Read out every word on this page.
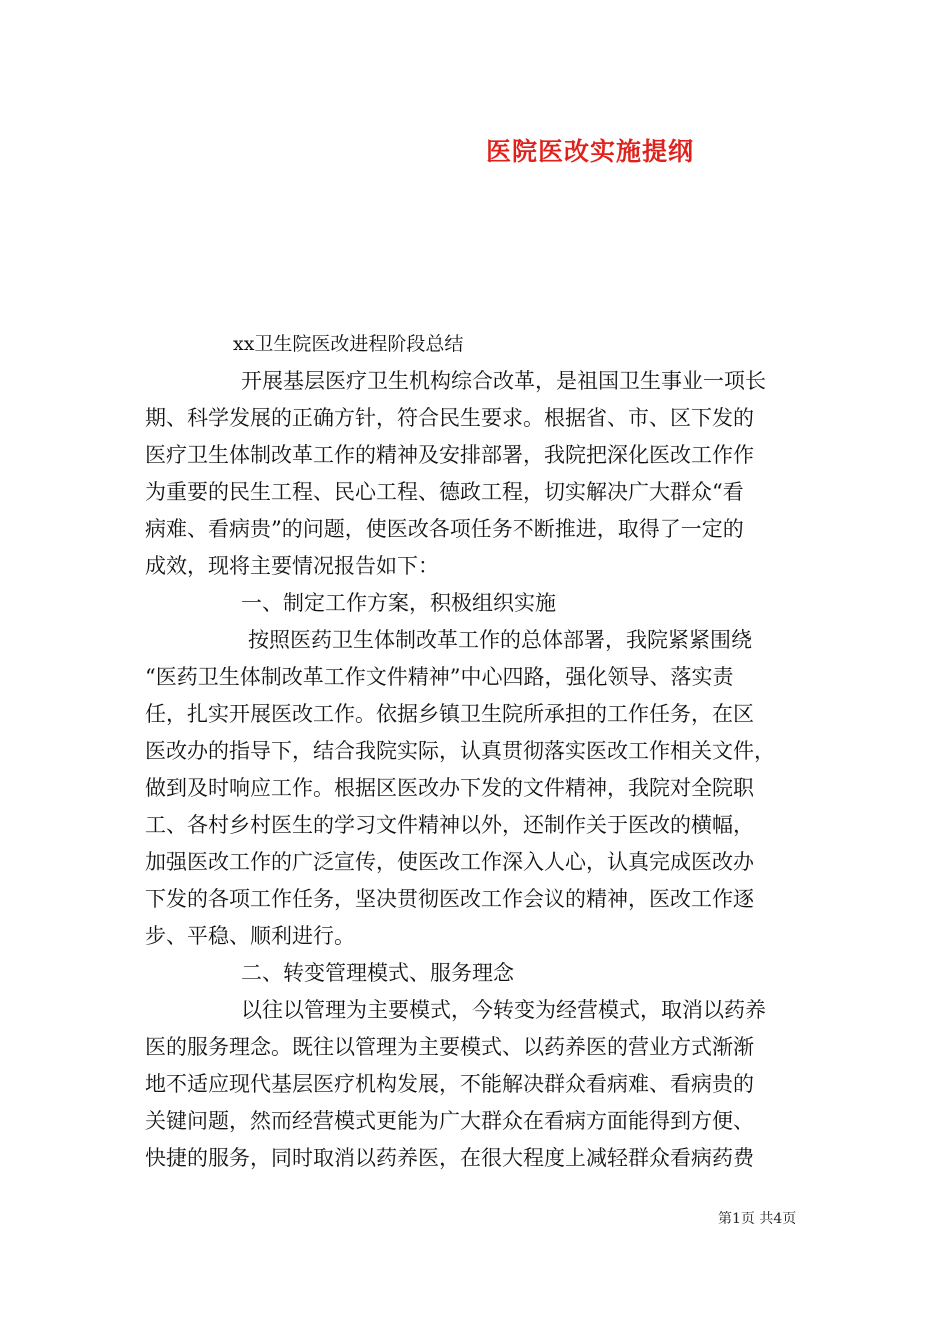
医院医改实施提纲
xx卫生院医改进程阶段总结
开展基层医疗卫生机构综合改革，是祖国卫生事业一项长
期、科学发展的正确方针，符合民生要求。根据省、市、区下发的
医疗卫生体制改革工作的精神及安排部署，我院把深化医改工作作
为重要的民生工程、民心工程、德政工程，切实解决广大群众“看
病难、看病贵”的问题，使医改各项任务不断推进，取得了一定的
成效，现将主要情况报告如下：
一、制定工作方案，积极组织实施
按照医药卫生体制改革工作的总体部署，我院紧紧围绕
“医药卫生体制改革工作文件精神”中心四路，强化领导、落实责
任，扎实开展医改工作。依据乡镇卫生院所承担的工作任务，在区
医改办的指导下，结合我院实际，认真贯彻落实医改工作相关文件，
做到及时响应工作。根据区医改办下发的文件精神，我院对全院职
工、各村乡村医生的学习文件精神以外，还制作关于医改的横幅，
加强医改工作的广泛宣传，使医改工作深入人心，认真完成医改办
下发的各项工作任务，坚决贯彻医改工作会议的精神，医改工作逐
步、平稳、顺利进行。
二、转变管理模式、服务理念
以往以管理为主要模式，今转变为经营模式，取消以药养
医的服务理念。既往以管理为主要模式、以药养医的营业方式渐渐
地不适应现代基层医疗机构发展，不能解决群众看病难、看病贵的
关键问题，然而经营模式更能为广大群众在看病方面能得到方便、
快捷的服务，同时取消以药养医，在很大程度上减轻群众看病药费
第1页 共4页
